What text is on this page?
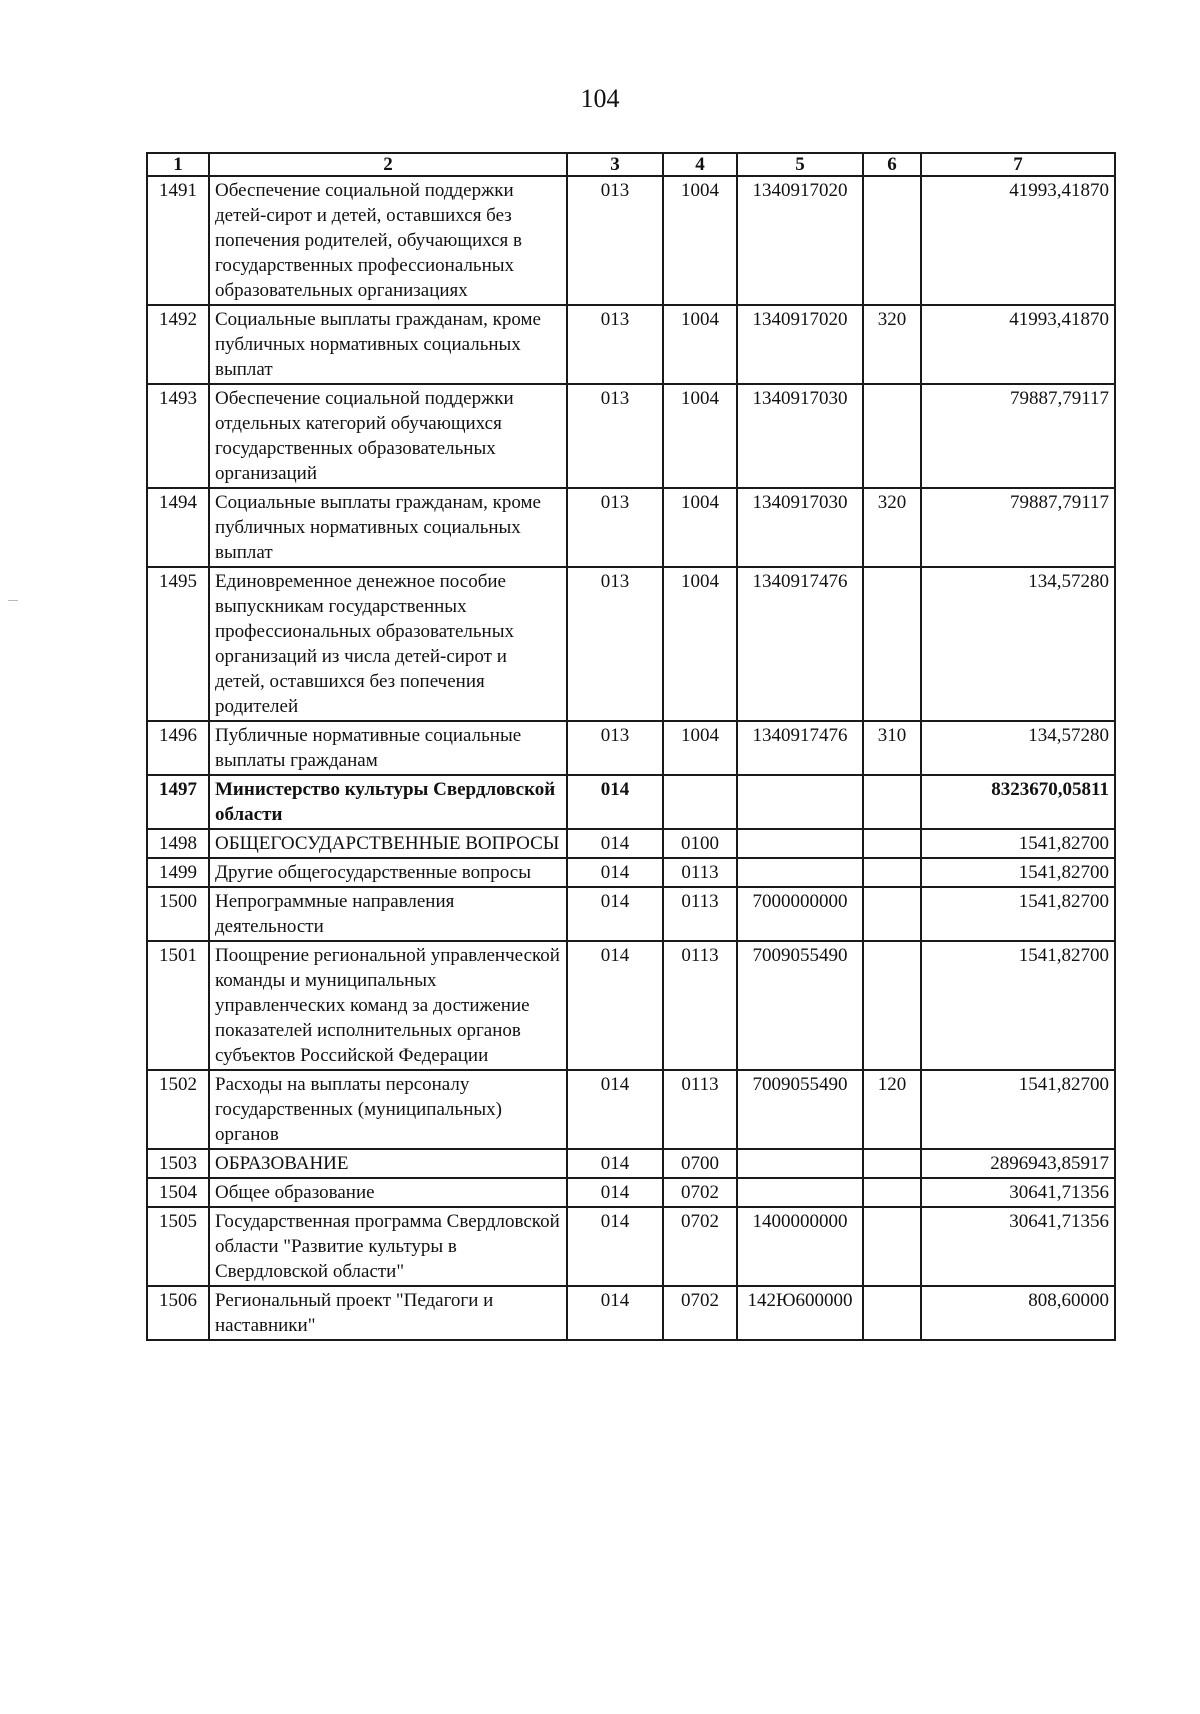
104
1	2	3	4	5	6	7
1491	Обеспечение социальной поддержки детей-сирот и детей, оставшихся без попечения родителей, обучающихся в государственных профессиональных образовательных организациях	013	1004	1340917020		41993,41870
1492	Социальные выплаты гражданам, кроме публичных нормативных социальных выплат	013	1004	1340917020	320	41993,41870
1493	Обеспечение социальной поддержки отдельных категорий обучающихся государственных образовательных организаций	013	1004	1340917030		79887,79117
1494	Социальные выплаты гражданам, кроме публичных нормативных социальных выплат	013	1004	1340917030	320	79887,79117
1495	Единовременное денежное пособие выпускникам государственных профессиональных образовательных организаций из числа детей-сирот и детей, оставшихся без попечения родителей	013	1004	1340917476		134,57280
1496	Публичные нормативные социальные выплаты гражданам	013	1004	1340917476	310	134,57280
1497	Министерство культуры Свердловской области	014				8323670,05811
1498	ОБЩЕГОСУДАРСТВЕННЫЕ ВОПРОСЫ	014	0100			1541,82700
1499	Другие общегосударственные вопросы	014	0113			1541,82700
1500	Непрограммные направления деятельности	014	0113	7000000000		1541,82700
1501	Поощрение региональной управленческой команды и муниципальных управленческих команд за достижение показателей исполнительных органов субъектов Российской Федерации	014	0113	7009055490		1541,82700
1502	Расходы на выплаты персоналу государственных (муниципальных) органов	014	0113	7009055490	120	1541,82700
1503	ОБРАЗОВАНИЕ	014	0700			2896943,85917
1504	Общее образование	014	0702			30641,71356
1505	Государственная программа Свердловской области "Развитие культуры в Свердловской области"	014	0702	1400000000		30641,71356
1506	Региональный проект "Педагоги и наставники"	014	0702	142Ю600000		808,60000
